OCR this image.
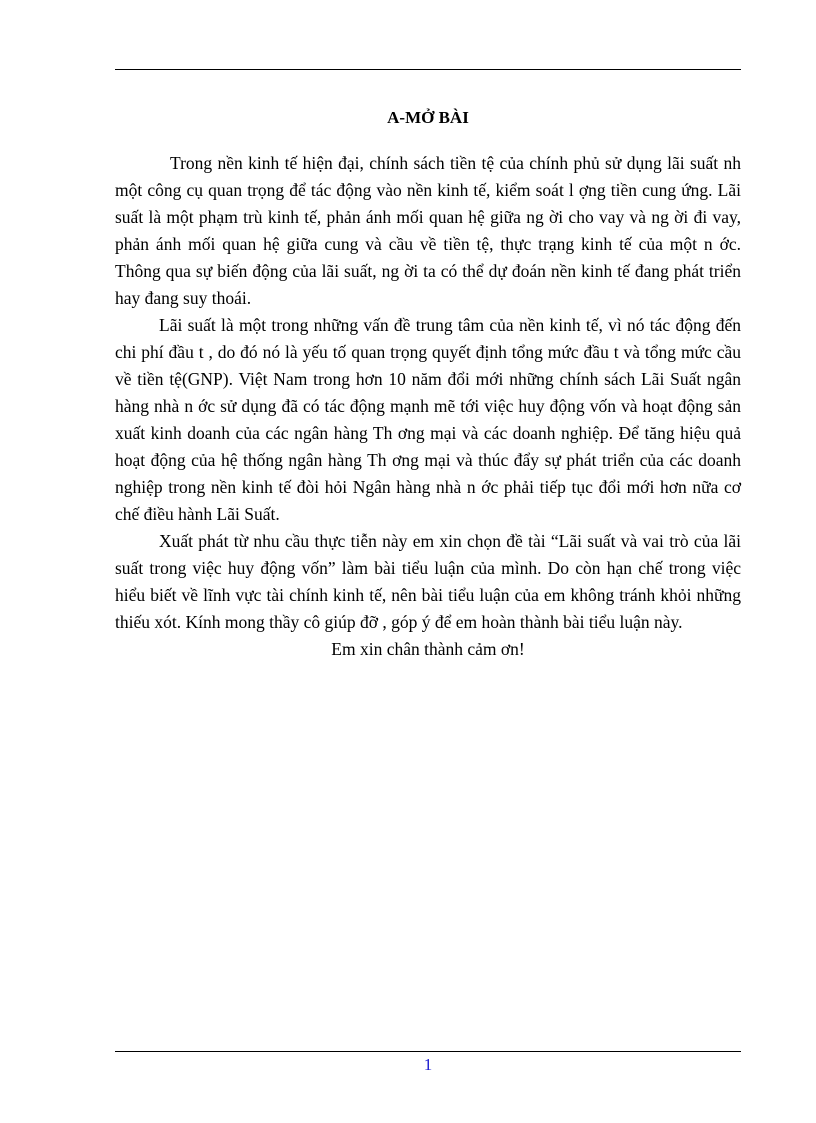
A-MỞ BÀI

Trong nền kinh tế hiện đại, chính sách tiền tệ của chính phủ sử dụng lãi suất nh một công cụ quan trọng để tác động vào nền kinh tế, kiểm soát l ợng tiền cung ứng. Lãi suất là một phạm trù kinh tế, phản ánh mối quan hệ giữa ng ời cho vay và ng ời đi vay, phản ánh mối quan hệ giữa cung và cầu về tiền tệ, thực trạng kinh tế của một n ớc. Thông qua sự biến động của lãi suất, ng ời ta có thể dự đoán nền kinh tế đang phát triển hay đang suy thoái.

Lãi suất là một trong những vấn đề trung tâm của nền kinh tế, vì nó tác động đến chi phí đầu t , do đó nó là yếu tố quan trọng quyết định tổng mức đầu t và tổng mức cầu về tiền tệ(GNP). Việt Nam trong hơn 10 năm đổi mới những chính sách Lãi Suất ngân hàng nhà n ớc sử dụng đã có tác động mạnh mẽ tới việc huy động vốn và hoạt động sản xuất kinh doanh của các ngân hàng Th ơng mại và các doanh nghiệp. Để tăng hiệu quả hoạt động của hệ thống ngân hàng Th ơng mại và thúc đẩy sự phát triển của các doanh nghiệp trong nền kinh tế đòi hỏi Ngân hàng nhà n ớc phải tiếp tục đổi mới hơn nữa cơ chế điều hành Lãi Suất.

Xuất phát từ nhu cầu thực tiễn này em xin chọn đề tài “Lãi suất và vai trò của lãi suất trong việc huy động vốn” làm bài tiểu luận của mình. Do còn hạn chế trong việc hiểu biết về lĩnh vực tài chính kinh tế, nên bài tiểu luận của em không tránh khỏi những thiếu xót. Kính mong thầy cô giúp đỡ , góp ý để em hoàn thành bài tiểu luận này.

Em xin chân thành cảm ơn!

1
